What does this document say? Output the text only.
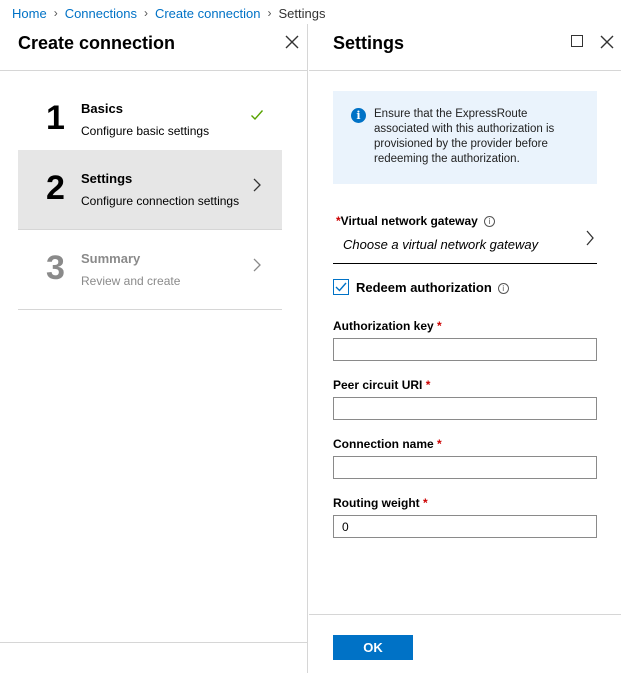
Home › Connections › Create connection › Settings
Create connection
1 Basics
Configure basic settings
2 Settings
Configure connection settings
3 Summary
Review and create
Settings
i	Ensure that the ExpressRoute associated with this authorization is provisioned by the provider before redeeming the authorization.
*Virtual network gateway i
Choose a virtual network gateway
Redeem authorization i
Authorization key *
Peer circuit URI *
Connection name *
Routing weight *
0
OK
